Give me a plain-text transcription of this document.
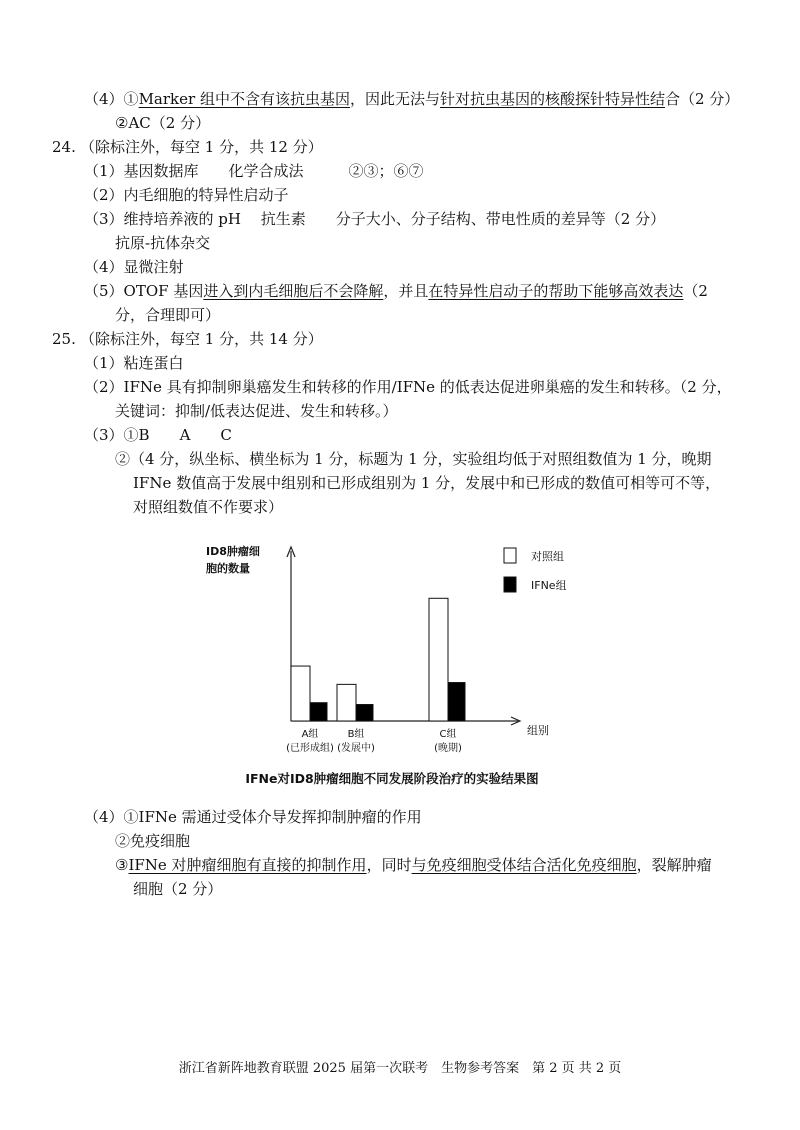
（4）①Marker 组中不含有该抗虫基因，因此无法与针对抗虫基因的核酸探针特异性结合（2 分）
②AC（2 分）
24. （除标注外，每空 1 分，共 12 分）
（1）基因数据库　　化学合成法　　　②③；⑥⑦
（2）内毛细胞的特异性启动子
（3）维持培养液的 pH　 抗生素　　分子大小、分子结构、带电性质的差异等（2 分）
抗原-抗体杂交
（4）显微注射
（5）OTOF 基因进入到内毛细胞后不会降解，并且在特异性启动子的帮助下能够高效表达（2
分，合理即可）
25. （除标注外，每空 1 分，共 14 分）
（1）粘连蛋白
（2）IFNe 具有抑制卵巢癌发生和转移的作用/IFNe 的低表达促进卵巢癌的发生和转移。（2 分，
关键词：抑制/低表达促进、发生和转移。）
（3）①B　　A　　C
②（4 分，纵坐标、横坐标为 1 分，标题为 1 分，实验组均低于对照组数值为 1 分，晚期
IFNe 数值高于发展中组别和已形成组别为 1 分，发展中和已形成的数值可相等可不等，
对照组数值不作要求）
ID8肿瘤细
胞的数量
组别
A组
(已形成组)
B组
(发展中)
C组
(晚期)
对照组
IFNe组
IFNe对ID8肿瘤细胞不同发展阶段治疗的实验结果图
（4）①IFNe 需通过受体介导发挥抑制肿瘤的作用
②免疫细胞
③IFNe 对肿瘤细胞有直接的抑制作用，同时与免疫细胞受体结合活化免疫细胞，裂解肿瘤
细胞（2 分）
浙江省新阵地教育联盟 2025 届第一次联考　生物参考答案　第 2 页 共 2 页
